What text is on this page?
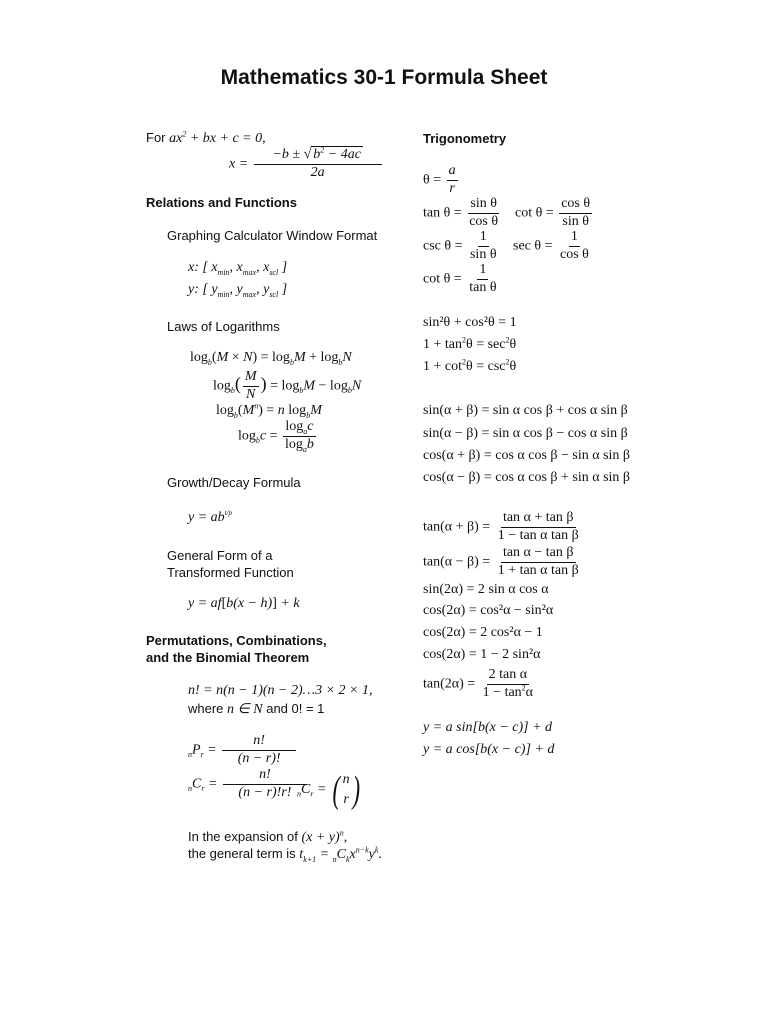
Mathematics 30-1 Formula Sheet
For $ax^2$ + bx + c = 0,
$x = \frac{-b \pm √ b^2 - 4ac}{2a}$
Relations and Functions
Graphing Calculator Window Format
x: [ $x_{min}$, $x_{max}$, $x_{scl}$ ]
y: [ $y_{min}$, $y_{max}$, $y_{scl}$ ]
Laws of Logarithms
$\log_b(M \times N) = \log_bM + \log_bN$
$\log_b( \frac{M}{N}$ ) = $\log_bM - \log_bN$
$\log_b(M^n) = n$ $\log_bM$
$\log_bc = \frac{\log_ac}{\log_ab}$
Growth/Decay Formula
$y = ab^{t/p}$
General Form of a
Transformed Function
y = af[b(x − h)] + k
Permutations, Combinations,
and the Binomial Theorem
n! = n(n − 1)(n − 2)…3 × 2 × 1,
where n ∈ N and 0! = 1
$_nP_r = \frac{n!}{(n - r)!}$
$_nC_r = \frac{n!}{(n - r)!r!}$
$_nC_r$ = ( n
r )
In the expansion of $(x + y)^n$,
the general term is $t_{k+1} = _nC_kx^{n-k}y^k$.
Trigonometry
$\theta = \frac{a}{r}$
$\tan \theta = \frac{\text{sin θ}}{\text{cos θ}}$ $\cot \theta = \frac{\text{cos θ}}{\text{sin θ}}$
$\csc \theta = \frac{1}{\text{sin θ}}$ $\sec \theta = \frac{1}{\text{cos θ}}$
$\cot \theta = \frac{1}{\text{tan θ}}$
sin²θ + cos²θ = 1
$1 + \tan^2\theta = \sec^2\theta$
$1 + \cot^2\theta = \csc^2\theta$
sin(α + β) = sin α cos β + cos α sin β
sin(α − β) = sin α cos β − cos α sin β
cos(α + β) = cos α cos β − sin α sin β
cos(α − β) = cos α cos β + sin α sin β
$\tan(\alpha + \beta) = \frac{\text{tan α + tan β}}{\text{1 − tan α tan β}}$
$\tan(\alpha - \beta) = \frac{\text{tan α − tan β}}{\text{1 + tan α tan β}}$
sin(2α) = 2 sin α cos α
cos(2α) = cos²α − sin²α
cos(2α) = 2 cos²α − 1
cos(2α) = 1 − 2 sin²α
$\tan(2\alpha) = \frac{\text{2 tan α}}{1 - \tan^2\alpha}$
y = a sin[b(x − c)] + d
y = a cos[b(x − c)] + d
